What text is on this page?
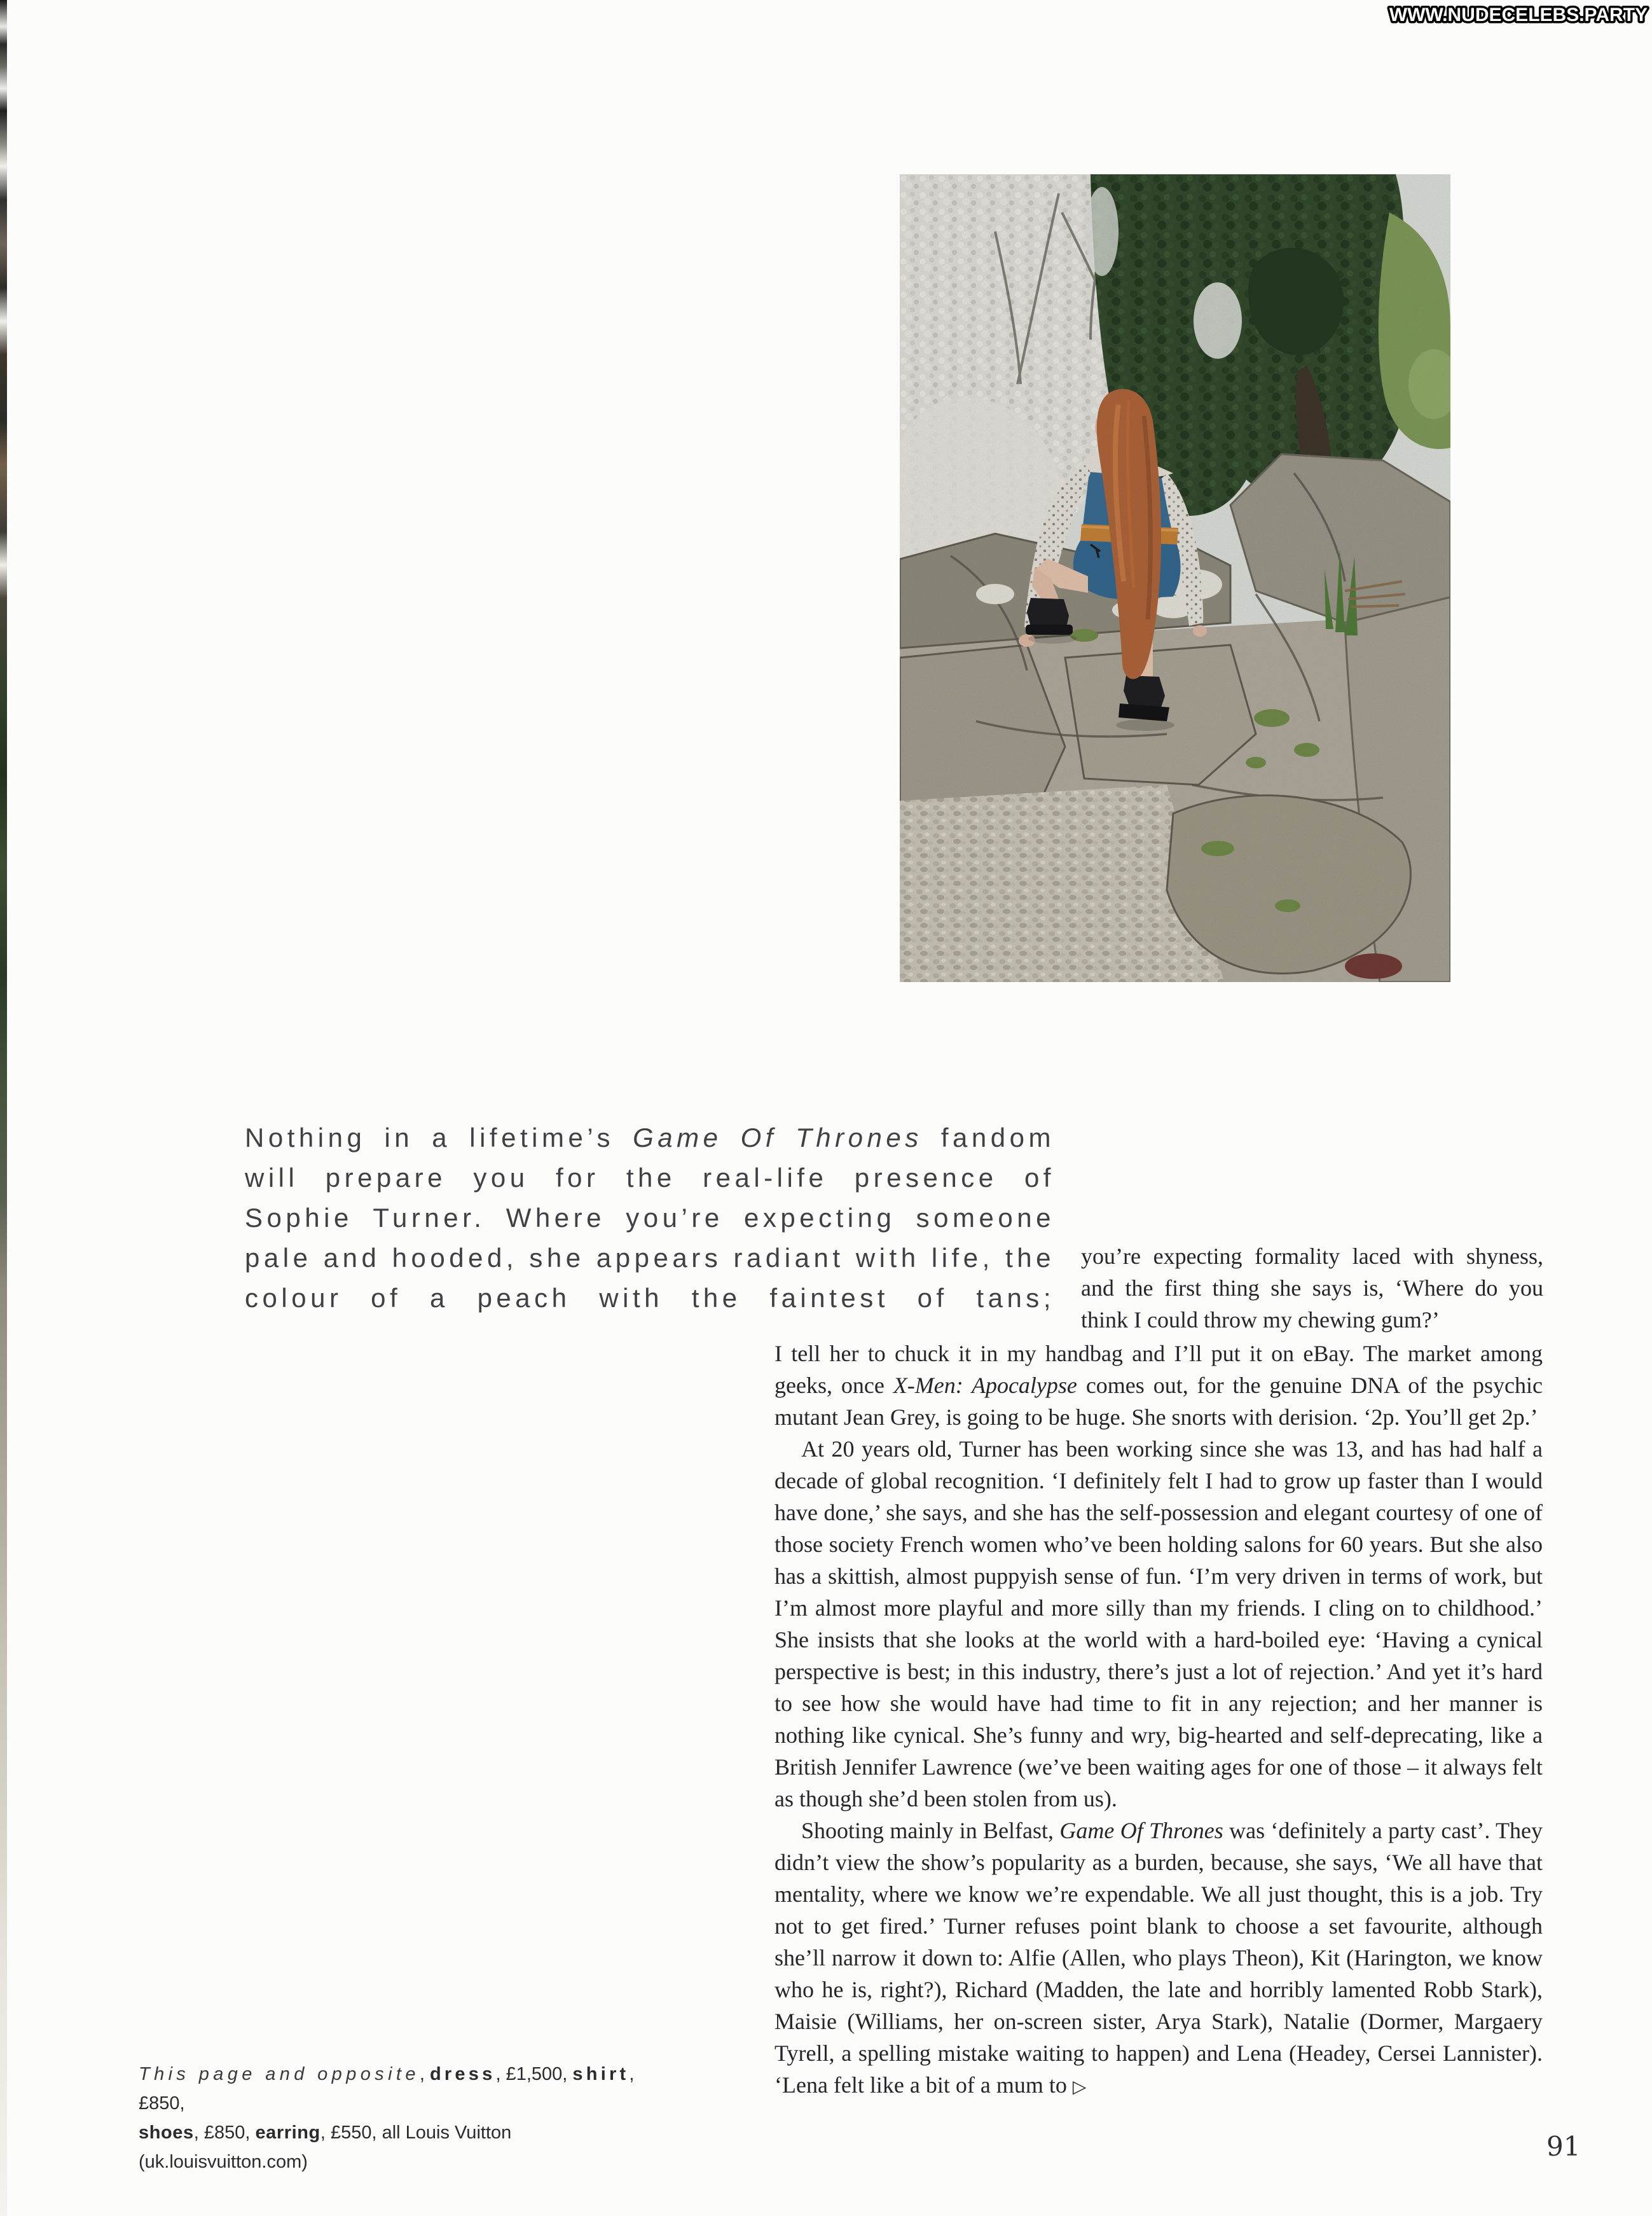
WWW.NUDECELEBS.PARTY
Nothing in a lifetime’s Game Of Thrones fandom will prepare you for the real-life presence of Sophie Turner. Where you’re expecting someone pale and hooded, she appears radiant with life, the colour of a peach with the faintest of tans;
you’re expecting formality laced with shyness, and the first thing she says is, ‘Where do you think I could throw my chewing gum?’

I tell her to chuck it in my handbag and I’ll put it on eBay. The market among geeks, once X-Men: Apocalypse comes out, for the genuine DNA of the psychic mutant Jean Grey, is going to be huge. She snorts with derision. ‘2p. You’ll get 2p.’

At 20 years old, Turner has been working since she was 13, and has had half a decade of global recognition. ‘I definitely felt I had to grow up faster than I would have done,’ she says, and she has the self-possession and elegant courtesy of one of those society French women who’ve been holding salons for 60 years. But she also has a skittish, almost puppyish sense of fun. ‘I’m very driven in terms of work, but I’m almost more playful and more silly than my friends. I cling on to childhood.’ She insists that she looks at the world with a hard-boiled eye: ‘Having a cynical perspective is best; in this industry, there’s just a lot of rejection.’ And yet it’s hard to see how she would have had time to fit in any rejection; and her manner is nothing like cynical. She’s funny and wry, big-hearted and self-deprecating, like a British Jennifer Lawrence (we’ve been waiting ages for one of those – it always felt as though she’d been stolen from us).

Shooting mainly in Belfast, Game Of Thrones was ‘definitely a party cast’. They didn’t view the show’s popularity as a burden, because, she says, ‘We all have that mentality, where we know we’re expendable. We all just thought, this is a job. Try not to get fired.’ Turner refuses point blank to choose a set favourite, although she’ll narrow it down to: Alfie (Allen, who plays Theon), Kit (Harington, we know who he is, right?), Richard (Madden, the late and horribly lamented Robb Stark), Maisie (Williams, her on-screen sister, Arya Stark), Natalie (Dormer, Margaery Tyrell, a spelling mistake waiting to happen) and Lena (Headey, Cersei Lannister). ‘Lena felt like a bit of a mum to ▷

This page and opposite, dress, £1,500, shirt, £850,
shoes, £850, earring, £550, all Louis Vuitton (uk.louisvuitton.com)	91
